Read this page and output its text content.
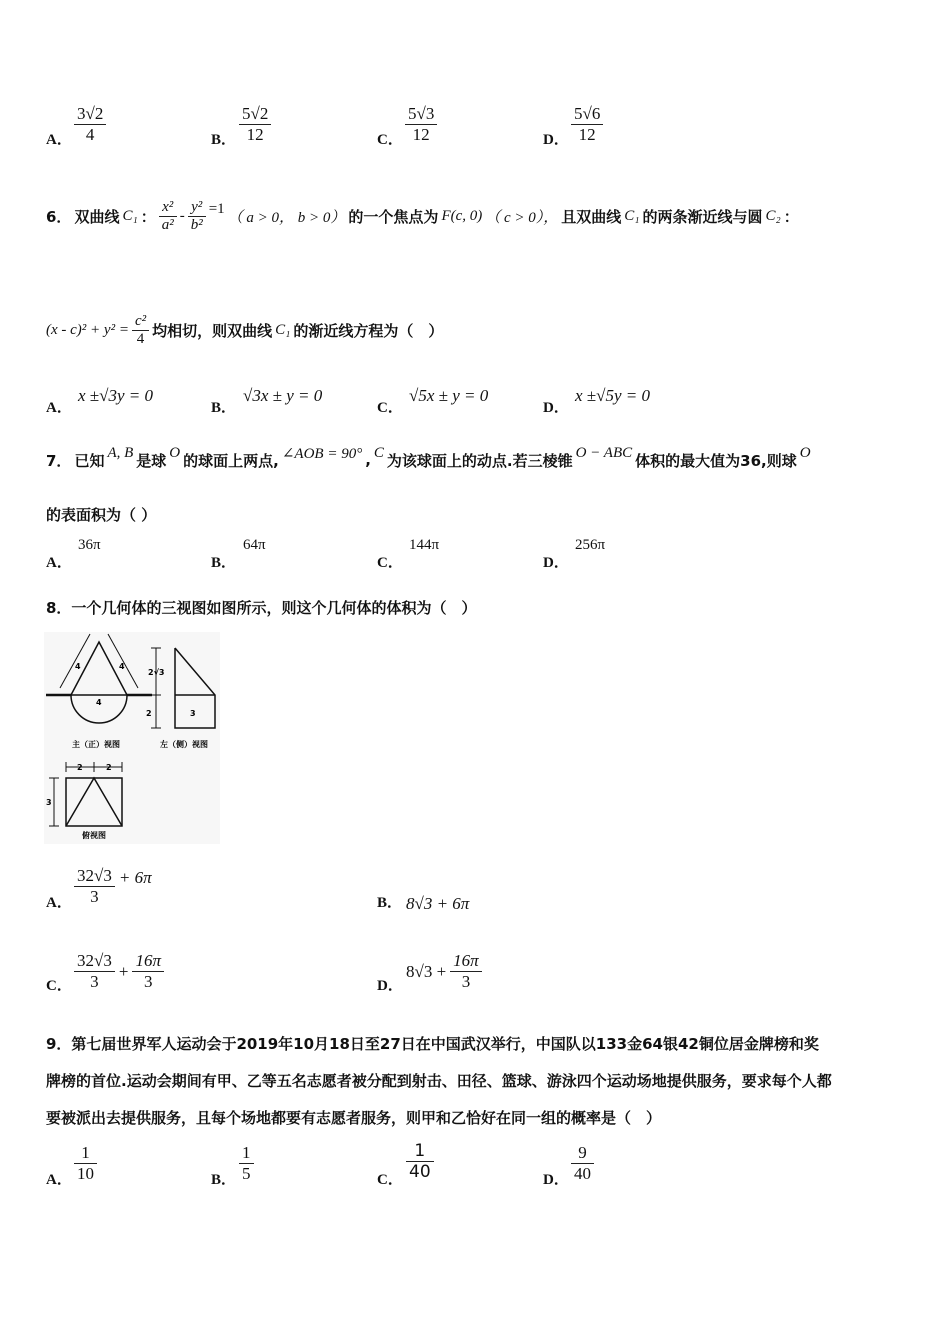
A． $\frac{3√2}{4}$	B． $\frac{5√2}{12}$	C． $\frac{5√3}{12}$	D． $\frac{5√6}{12}$
6． 双曲线 C₁ ： $\frac{\text{x²}}{\text{a²}} - \frac{\text{y²}}{\text{b²}} =1$
（ a > 0， b > 0） 的一个焦点为 F(c, 0) （ c > 0）， 且双曲线 C₁ 的两条渐近线与圆 C₂ ：
$(x - c)^2 + y^2 = \frac{\text{c²}}{4}$ 均相切，则双曲线 C₁ 的渐近线方程为（　）
A．
x ±√3y = 0
B．
√3x ± y = 0
C．
√5x ± y = 0
D．
x ±√5y = 0
7． 已知 A, B 是球 O 的球面上两点, ∠AOB = 90° , C 为该球面上的动点.若三棱锥 O − ABC 体积的最大值为36,则球 O
的表面积为（ ）
A．
36π
B．
64π
C．
144π
D．
256π
8．一个几何体的三视图如图所示，则这个几何体的体积为（　）
4	4
4
主（正）视图
2√3
2	3
左（侧）视图
2	2
3
俯视图
A． $\frac{32√3}{3} + 6\pi$
B． 8√3 + 6π
C． $\frac{32√3}{3} + \frac{16\pi}{3}$	D．
$8√3 + \frac{16\pi}{3}$
9．第七届世界军人运动会于2019年10月18日至27日在中国武汉举行，中国队以133金64银42铜位居金牌榜和奖
牌榜的首位.运动会期间有甲、乙等五名志愿者被分配到射击、田径、篮球、游泳四个运动场地提供服务，要求每个人都
要被派出去提供服务，且每个场地都要有志愿者服务，则甲和乙恰好在同一组的概率是（　）
A． $\frac{1}{10}$	B． $\frac{1}{5}$	C． $\frac{1}{40}$	D． $\frac{9}{40}$
